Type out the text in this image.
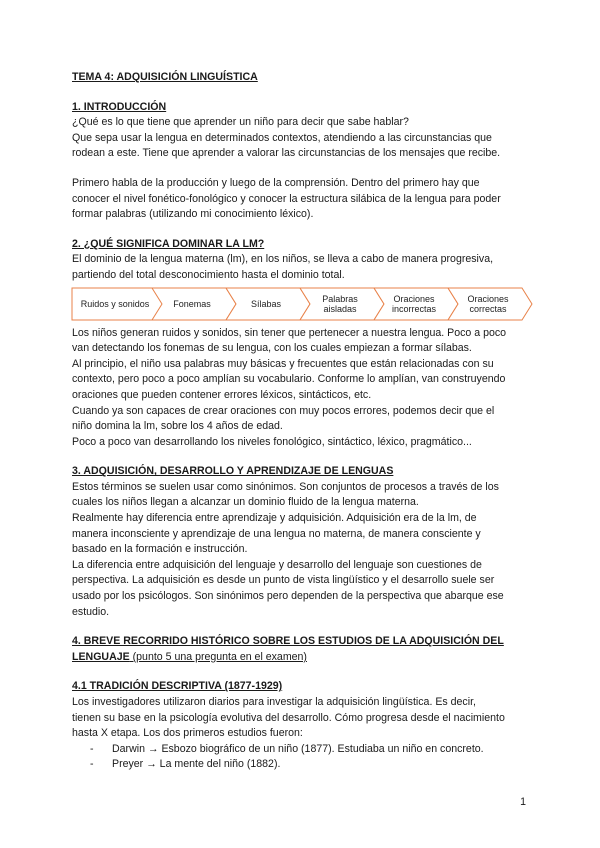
TEMA 4: ADQUISICIÓN LINGUÍSTICA

1. INTRODUCCIÓN

¿Qué es lo que tiene que aprender un niño para decir que sabe hablar?

Que sepa usar la lengua en determinados contextos, atendiendo a las circunstancias que

rodean a este. Tiene que aprender a valorar las circunstancias de los mensajes que recibe.

Primero habla de la producción y luego de la comprensión. Dentro del primero hay que

conocer el nivel fonético-fonológico y conocer la estructura silábica de la lengua para poder

formar palabras (utilizando mi conocimiento léxico).

2. ¿QUÉ SIGNIFICA DOMINAR LA LM?

El dominio de la lengua materna (lm), en los niños, se lleva a cabo de manera progresiva,

partiendo del total desconocimiento hasta el dominio total.

Ruidos y sonidos	Fonemas	Sílabas	Palabras
aisladas
Oraciones
incorrectas
Oraciones
correctas

Los niños generan ruidos y sonidos, sin tener que pertenecer a nuestra lengua. Poco a poco

van detectando los fonemas de su lengua, con los cuales empiezan a formar sílabas.

Al principio, el niño usa palabras muy básicas y frecuentes que están relacionadas con su

contexto, pero poco a poco amplían su vocabulario. Conforme lo amplían, van construyendo

oraciones que pueden contener errores léxicos, sintácticos, etc.

Cuando ya son capaces de crear oraciones con muy pocos errores, podemos decir que el

niño domina la lm, sobre los 4 años de edad.

Poco a poco van desarrollando los niveles fonológico, sintáctico, léxico, pragmático...

3. ADQUISICIÓN, DESARROLLO Y APRENDIZAJE DE LENGUAS

Estos términos se suelen usar como sinónimos. Son conjuntos de procesos a través de los

cuales los niños llegan a alcanzar un dominio fluido de la lengua materna.

Realmente hay diferencia entre aprendizaje y adquisición. Adquisición era de la lm, de

manera inconsciente y aprendizaje de una lengua no materna, de manera consciente y

basado en la formación e instrucción.

La diferencia entre adquisición del lenguaje y desarrollo del lenguaje son cuestiones de

perspectiva. La adquisición es desde un punto de vista lingüístico y el desarrollo suele ser

usado por los psicólogos. Son sinónimos pero dependen de la perspectiva que abarque ese

estudio.

4. BREVE RECORRIDO HISTÓRICO SOBRE LOS ESTUDIOS DE LA ADQUISICIÓN DEL
LENGUAJE (punto 5 una pregunta en el examen)

4.1 TRADICIÓN DESCRIPTIVA (1877-1929)

Los investigadores utilizaron diarios para investigar la adquisición lingüística. Es decir,

tienen su base en la psicología evolutiva del desarrollo. Cómo progresa desde el nacimiento

hasta X etapa. Los dos primeros estudios fueron:

- Darwin → Esbozo biográfico de un niño (1877). Estudiaba un niño en concreto.
- Preyer → La mente del niño (1882).
1
